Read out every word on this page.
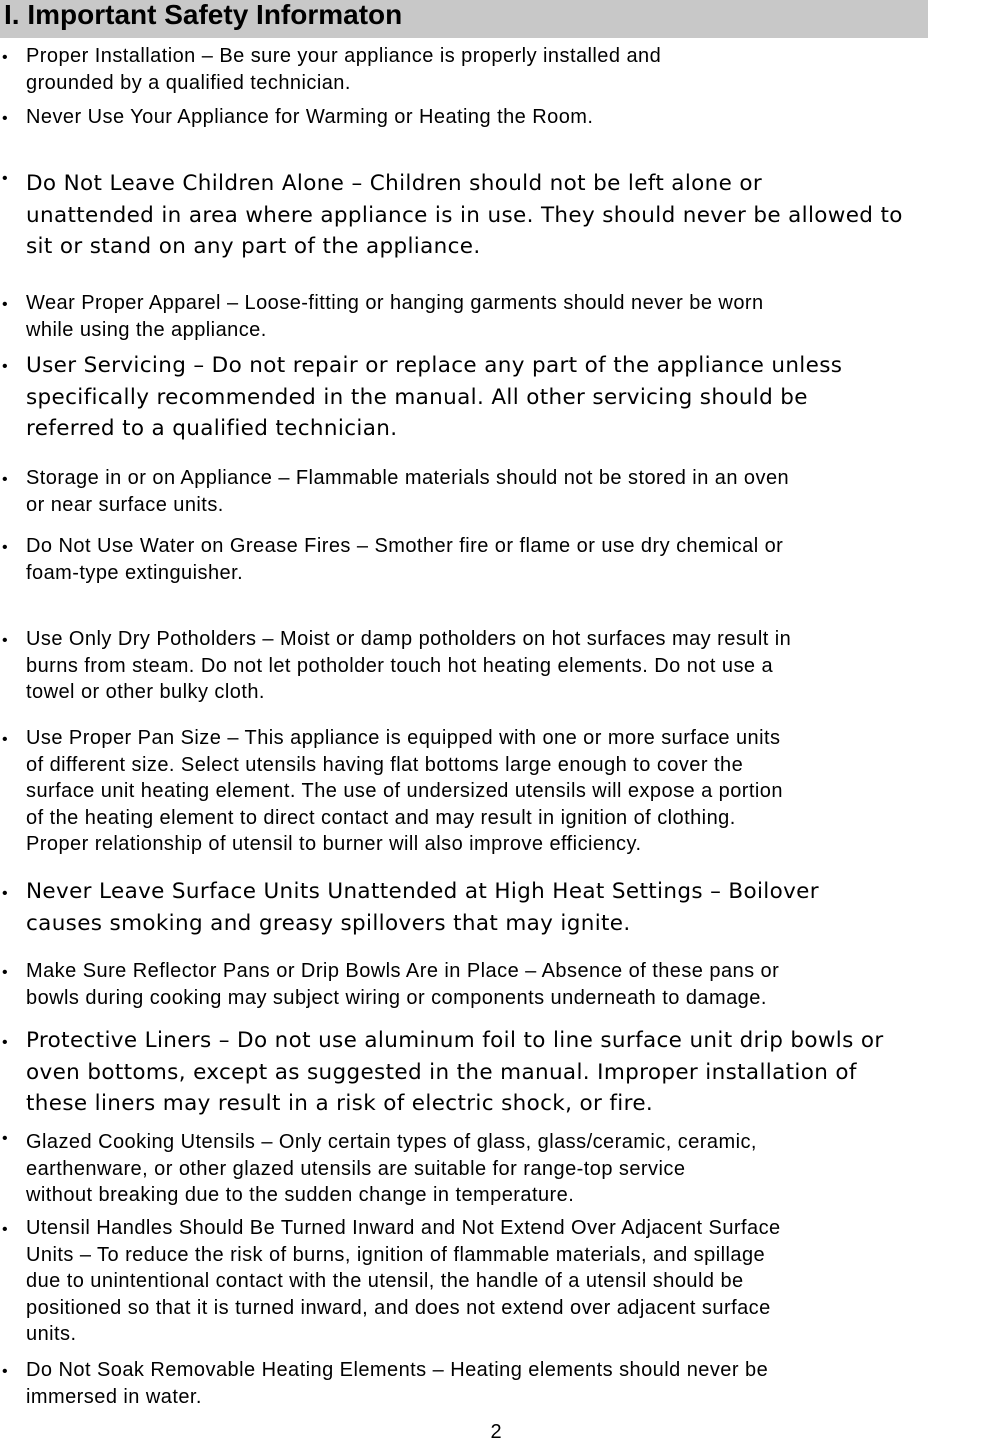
I. Important Safety Informaton
• Proper Installation – Be sure your appliance is properly installed and
grounded by a qualified technician.

• Never Use Your Appliance for Warming or Heating the Room.

• Do Not Leave Children Alone – Children should not be left alone or
unattended in area where appliance is in use. They should never be allowed to
sit or stand on any part of the appliance.

• Wear Proper Apparel – Loose-fitting or hanging garments should never be worn
while using the appliance.

• User Servicing – Do not repair or replace any part of the appliance unless
specifically recommended in the manual. All other servicing should be
referred to a qualified technician.

• Storage in or on Appliance – Flammable materials should not be stored in an oven
or near surface units.

• Do Not Use Water on Grease Fires – Smother fire or flame or use dry chemical or
foam-type extinguisher.

• Use Only Dry Potholders – Moist or damp potholders on hot surfaces may result in
burns from steam. Do not let potholder touch hot heating elements. Do not use a
towel or other bulky cloth.

• Use Proper Pan Size – This appliance is equipped with one or more surface units
of different size. Select utensils having flat bottoms large enough to cover the
surface unit heating element. The use of undersized utensils will expose a portion
of the heating element to direct contact and may result in ignition of clothing.
Proper relationship of utensil to burner will also improve efficiency.

• Never Leave Surface Units Unattended at High Heat Settings – Boilover
causes smoking and greasy spillovers that may ignite.

• Make Sure Reflector Pans or Drip Bowls Are in Place – Absence of these pans or
bowls during cooking may subject wiring or components underneath to damage.

• Protective Liners – Do not use aluminum foil to line surface unit drip bowls or
oven bottoms, except as suggested in the manual. Improper installation of
these liners may result in a risk of electric shock, or fire.

• Glazed Cooking Utensils – Only certain types of glass, glass/ceramic, ceramic,
earthenware, or other glazed utensils are suitable for range-top service
without breaking due to the sudden change in temperature.

• Utensil Handles Should Be Turned Inward and Not Extend Over Adjacent Surface
Units – To reduce the risk of burns, ignition of flammable materials, and spillage
due to unintentional contact with the utensil, the handle of a utensil should be
positioned so that it is turned inward, and does not extend over adjacent surface
units.

• Do Not Soak Removable Heating Elements – Heating elements should never be
immersed in water.

2
